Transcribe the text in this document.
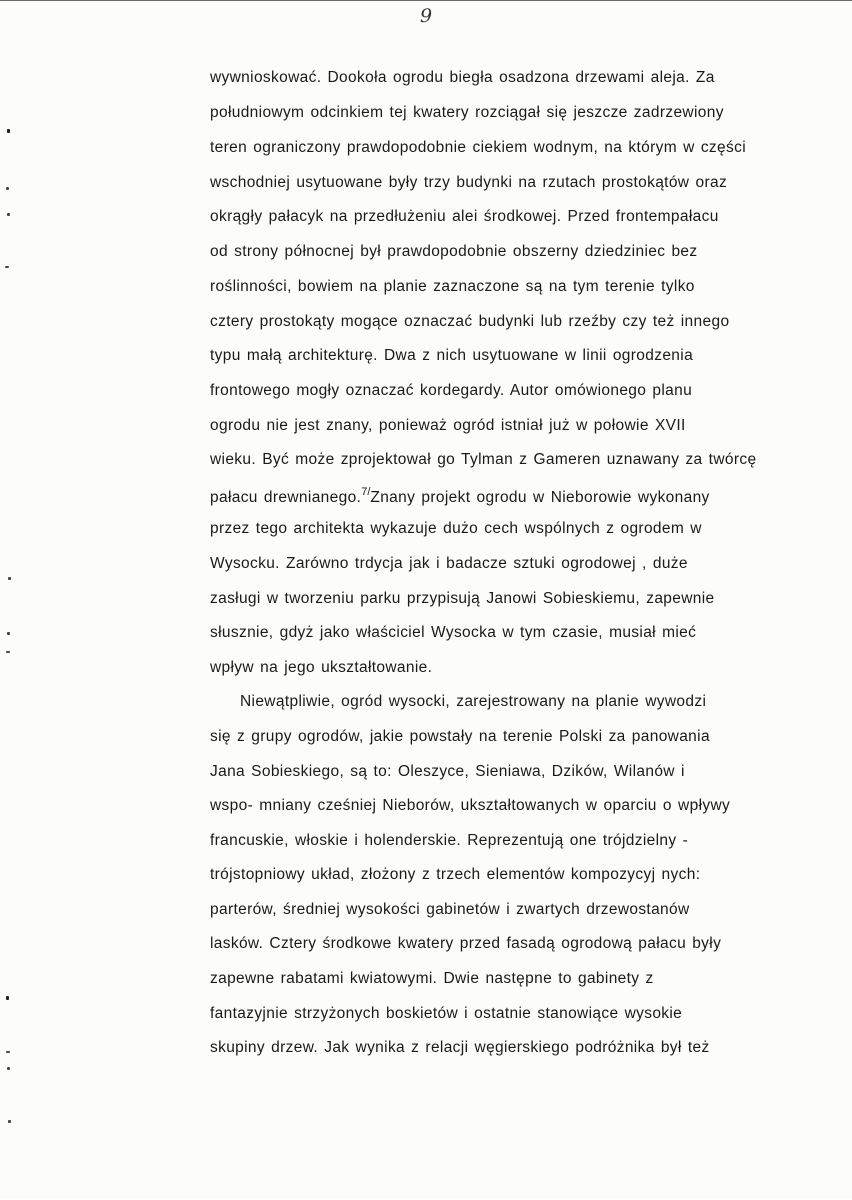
9
wywnioskować. Dookoła ogrodu biegła osadzona drzewami aleja. Za
południowym odcinkiem tej kwatery rozciągał się jeszcze zadrzewiony
teren ograniczony prawdopodobnie ciekiem wodnym, na którym w części
wschodniej usytuowane były trzy budynki na rzutach prostokątów oraz
okrągły pałacyk na przedłużeniu alei środkowej. Przed frontempałacu
od strony północnej był prawdopodobnie obszerny dziedziniec bez
roślinności, bowiem na planie zaznaczone są na tym terenie tylko
cztery prostokąty mogące oznaczać budynki lub rzeźby czy też innego
typu małą architekturę. Dwa z nich usytuowane w linii ogrodzenia
frontowego mogły oznaczać kordegardy. Autor omówionego planu
ogrodu nie jest znany, ponieważ ogród istniał już w połowie XVII
wieku. Być może zprojektował go Tylman z Gameren uznawany za twórcę
pałacu drewnianego.$^{7/}$Znany projekt ogrodu w Nieborowie wykonany
przez tego architekta wykazuje dużo cech wspólnych z ogrodem w
Wysocku. Zarówno trdycja jak i badacze sztuki ogrodowej , duże
zasługi w tworzeniu parku przypisują Janowi Sobieskiemu, zapewnie
słusznie, gdyż jako właściciel Wysocka w tym czasie, musiał mieć
wpływ na jego ukształtowanie.
Niewątpliwie, ogród wysocki, zarejestrowany na planie wywodzi
się z grupy ogrodów, jakie powstały na terenie Polski za panowania
Jana Sobieskiego, są to: Oleszyce, Sieniawa, Dzików, Wilanów i
wspo- mniany cześniej Nieborów, ukształtowanych w oparciu o wpływy
francuskie, włoskie i holenderskie. Reprezentują one trójdzielny -
trójstopniowy układ, złożony z trzech elementów kompozycyj nych:
parterów, średniej wysokości gabinetów i zwartych drzewostanów
lasków. Cztery środkowe kwatery przed fasadą ogrodową pałacu były
zapewne rabatami kwiatowymi. Dwie następne to gabinety z
fantazyjnie strzyżonych boskietów i ostatnie stanowiące wysokie
skupiny drzew. Jak wynika z relacji węgierskiego podróżnika był też
